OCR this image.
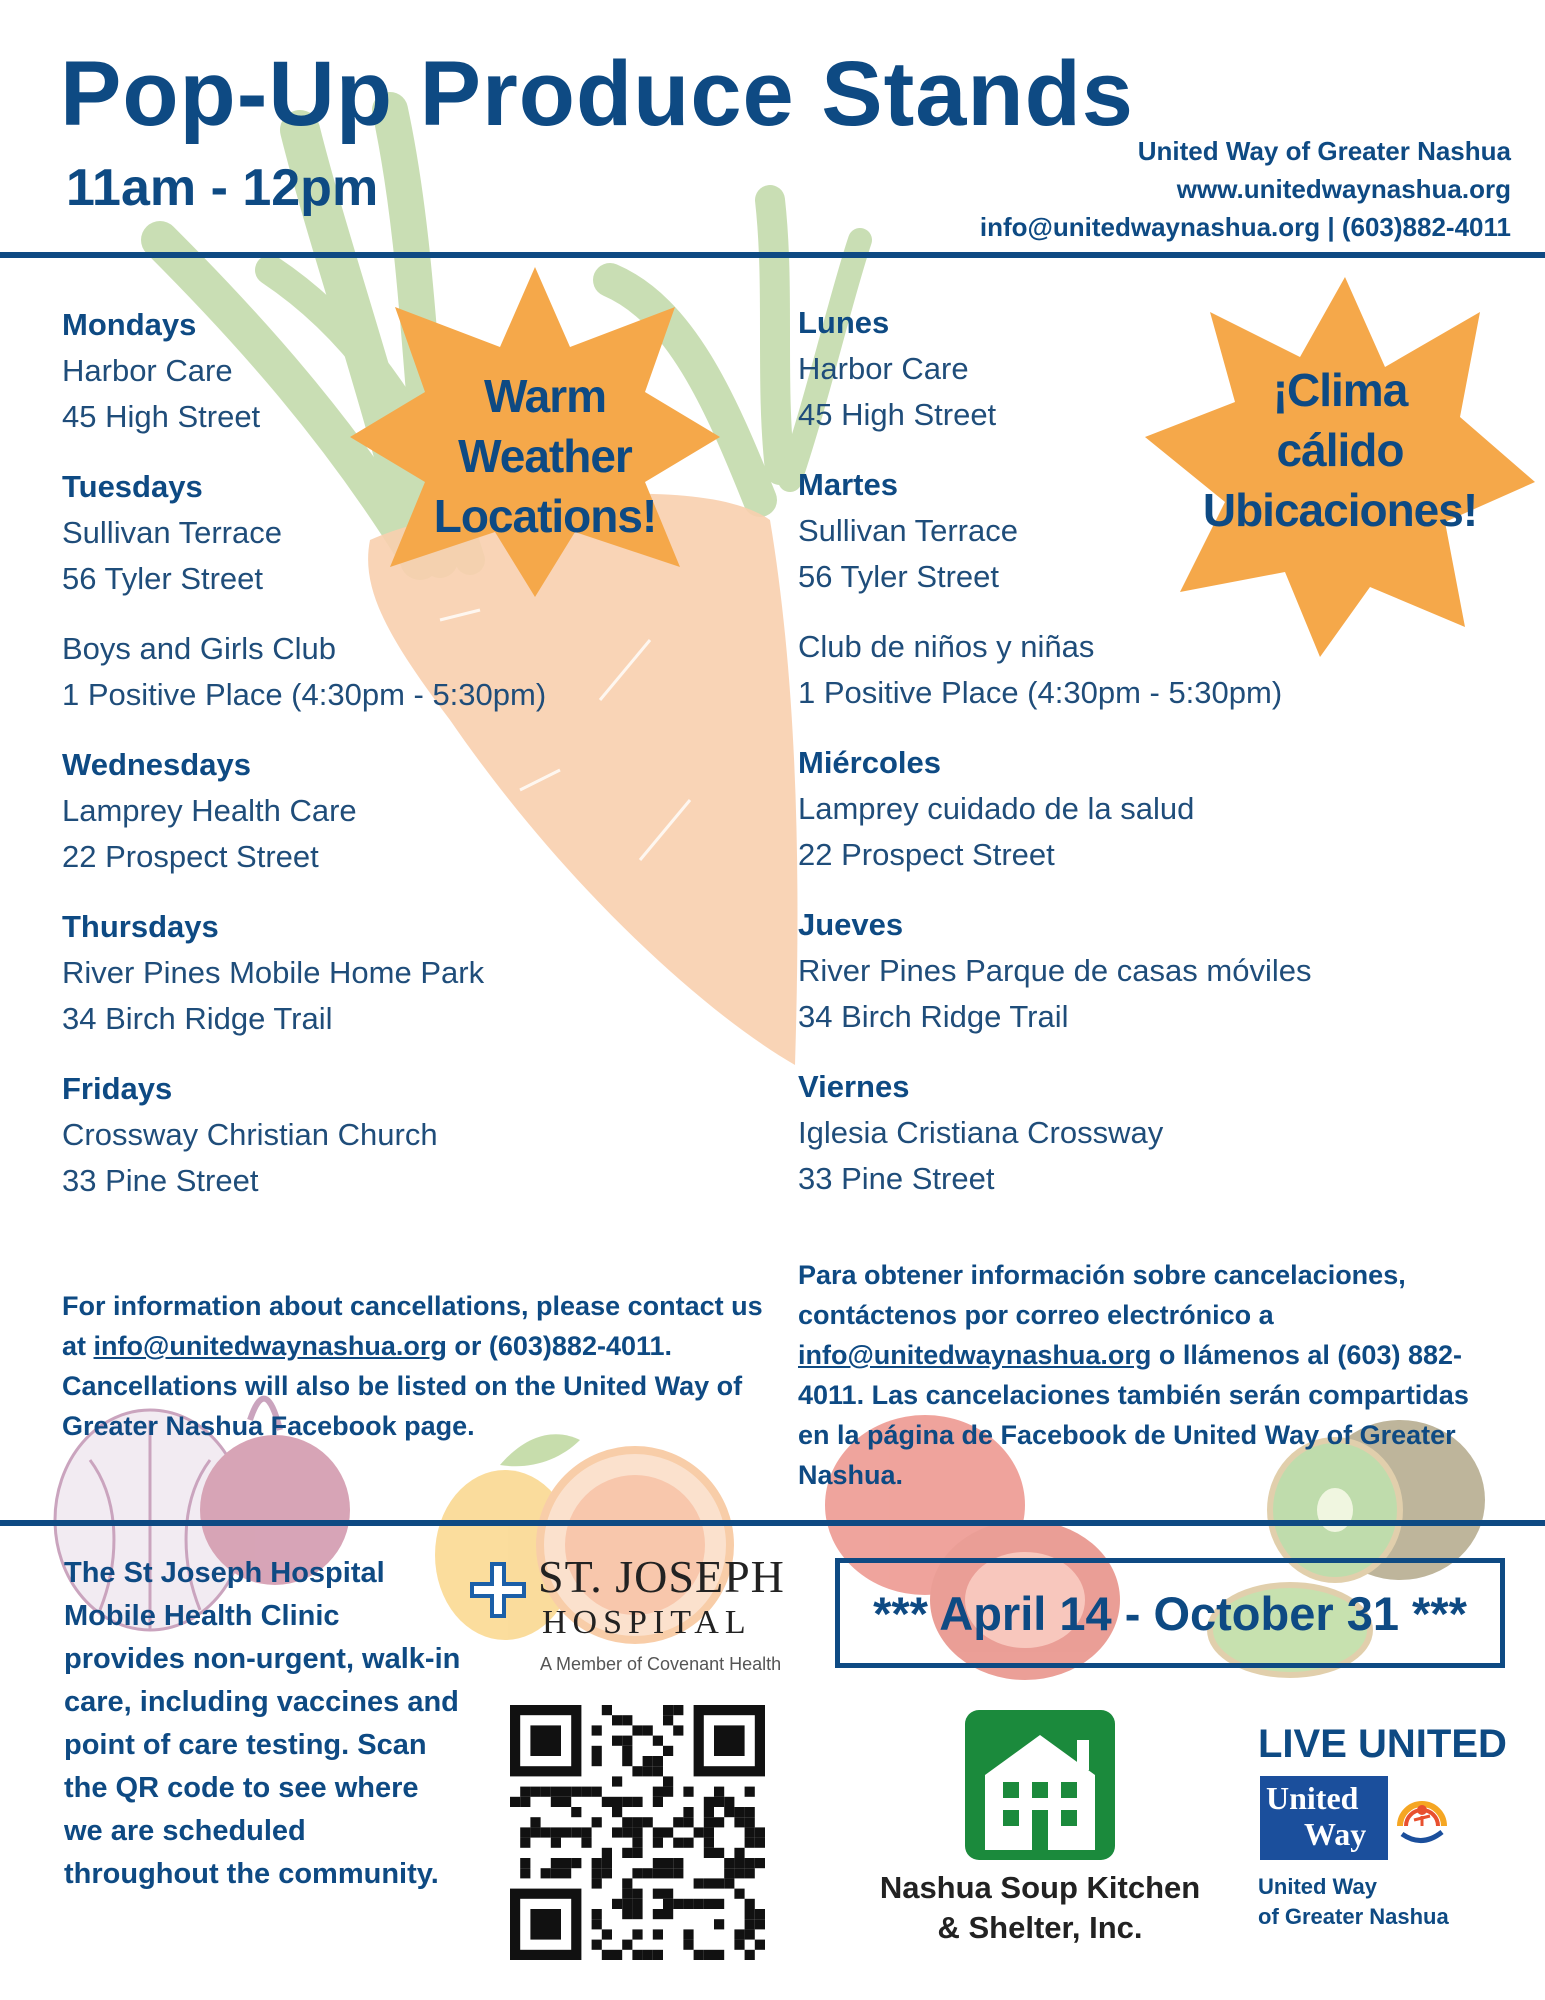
Pop-Up Produce Stands
11am - 12pm
United Way of Greater Nashua
www.unitedwaynashua.org
info@unitedwaynashua.org | (603)882-4011
Warm
Weather
Locations!
¡Clima
cálido
Ubicaciones!
Mondays
Harbor Care
45 High Street
Tuesdays
Sullivan Terrace
56 Tyler Street
Boys and Girls Club
1 Positive Place (4:30pm - 5:30pm)
Wednesdays
Lamprey Health Care
22 Prospect Street
Thursdays
River Pines Mobile Home Park
34 Birch Ridge Trail
Fridays
Crossway Christian Church
33 Pine Street
Lunes
Harbor Care
45 High Street
Martes
Sullivan Terrace
56 Tyler Street
Club de niños y niñas
1 Positive Place (4:30pm - 5:30pm)
Miércoles
Lamprey cuidado de la salud
22 Prospect Street
Jueves
River Pines Parque de casas móviles
34 Birch Ridge Trail
Viernes
Iglesia Cristiana Crossway
33 Pine Street
For information about cancellations, please contact us at info@unitedwaynashua.org or (603)882-4011. Cancellations will also be listed on the United Way of Greater Nashua Facebook page.
Para obtener información sobre cancelaciones, contáctenos por correo electrónico a info@unitedwaynashua.org o llámenos al (603) 882-4011. Las cancelaciones también serán compartidas en la página de Facebook de United Way of Greater Nashua.
The St Joseph Hospital Mobile Health Clinic provides non-urgent, walk-in care, including vaccines and point of care testing. Scan the QR code to see where we are scheduled throughout the community.
ST. JOSEPH
HOSPITAL
A Member of Covenant Health
*** April 14 - October 31 ***
Nashua Soup Kitchen
& Shelter, Inc.
LIVE UNITED
United
Way
United Way
of Greater Nashua
